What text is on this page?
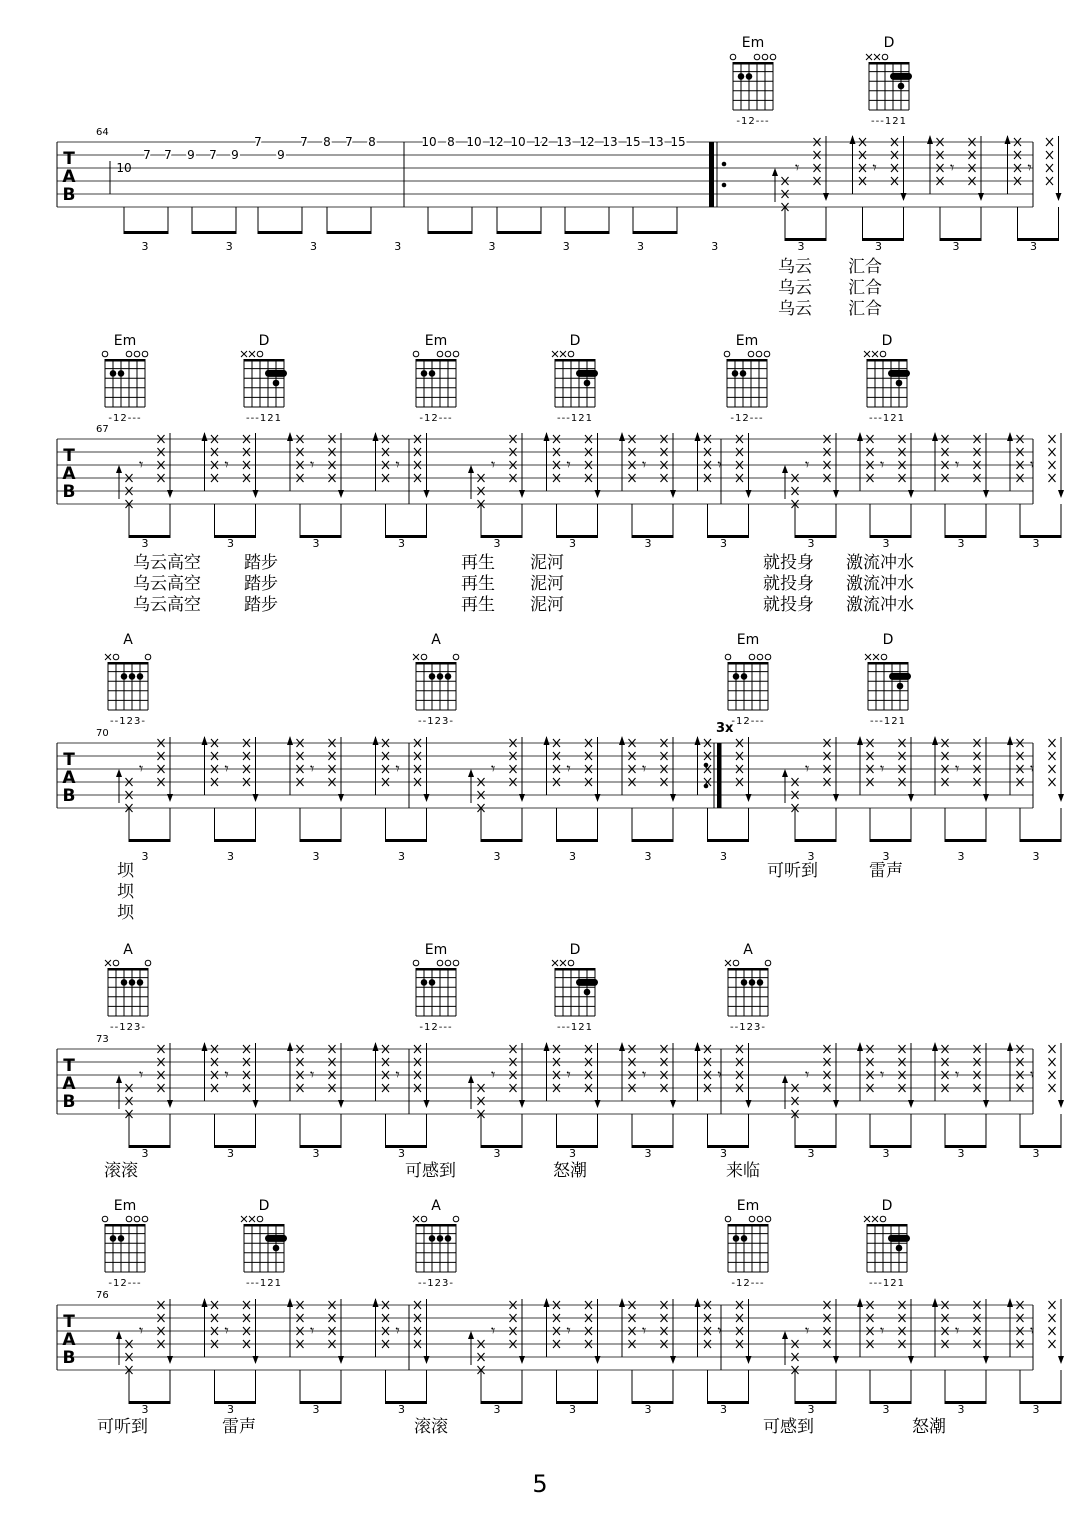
Em
-12---
D
---121
T
A
B
64
3	3	3	3	3	3	3	3
𝄾
3
𝄾
3
𝄾
3
𝄾
3
10
7 7 9 7 9
7
9
7 8 7 8	10 8 10 12 10 12 13 12 13 15 13 15
乌云 汇合
乌云 汇合
乌云 汇合
Em
-12---
D
---121
Em
-12---
D
---121
Em
-12---
D
---121
T
A
B
67
𝄾
3
𝄾
3
𝄾
3
𝄾
3
𝄾
3
𝄾
3
𝄾
3
𝄾
3
𝄾
3
𝄾
3
𝄾
3
𝄾
3
乌云高空	踏步	再生 泥河	就投身 激流冲水
乌云高空	踏步	再生 泥河	就投身 激流冲水
乌云高空	踏步	再生 泥河	就投身 激流冲水
A
--123-
A
--123-
Em
-12---
D
---121
T
A
B
70
𝄾
3
𝄾
3
𝄾
3
𝄾
3
𝄾
3
𝄾
3
𝄾
3	3
𝄾
3
𝄾
3
𝄾
3
𝄾
3
3x
坝
坝
坝
可听到	雷声
A
--123-
Em
-12---
D
---121
A
--123-
T
A
B
73
𝄾
3
𝄾
3
𝄾
3
𝄾
3
𝄾
3
𝄾
3
𝄾
3
𝄾
3
𝄾
3
𝄾
3
𝄾
3
𝄾
3
滚滚	可感到	怒潮	来临
Em
-12---
D
---121
A
--123-
Em
-12---
D
---121
T
A
B
76
𝄾
3
𝄾
3
𝄾
3
𝄾
3
𝄾
3
𝄾
3
𝄾
3
𝄾
3
𝄾
3
𝄾
3
𝄾
3
𝄾
3
可听到	雷声	滚滚	可感到	怒潮
5
